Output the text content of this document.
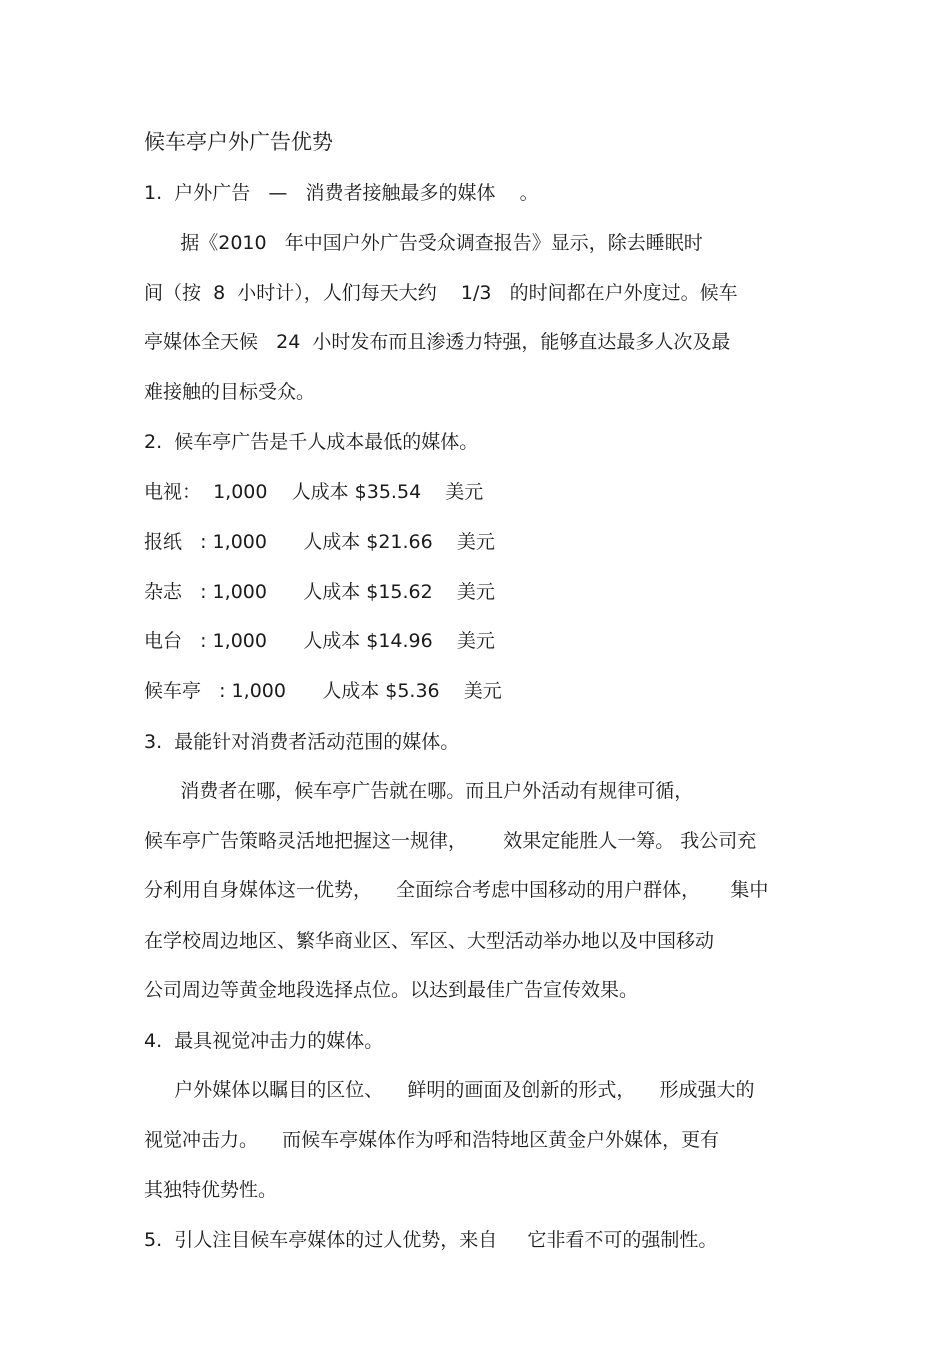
候车亭户外广告优势

1.  户外广告   —   消费者接触最多的媒体    。

据《2010   年中国户外广告受众调查报告》显示，除去睡眠时

间（按  8  小时计），人们每天大约    1/3   的时间都在户外度过。候车

亭媒体全天候   24  小时发布而且渗透力特强，能够直达最多人次及最

难接触的目标受众。

2.  候车亭广告是千人成本最低的媒体。

电视：  1,000    人成本 $35.54    美元

报纸   : 1,000      人成本 $21.66    美元

杂志   : 1,000      人成本 $15.62    美元

电台   : 1,000      人成本 $14.96    美元

候车亭   : 1,000      人成本 $5.36    美元

3.  最能针对消费者活动范围的媒体。

消费者在哪，候车亭广告就在哪。而且户外活动有规律可循，

候车亭广告策略灵活地把握这一规律，      效果定能胜人一筹。 我公司充

分利用自身媒体这一优势，    全面综合考虑中国移动的用户群体，     集中

在学校周边地区、繁华商业区、军区、大型活动举办地以及中国移动

公司周边等黄金地段选择点位。以达到最佳广告宣传效果。

4.  最具视觉冲击力的媒体。

户外媒体以瞩目的区位、    鲜明的画面及创新的形式，    形成强大的

视觉冲击力。    而候车亭媒体作为呼和浩特地区黄金户外媒体，更有

其独特优势性。

5.  引人注目候车亭媒体的过人优势，来自     它非看不可的强制性。
